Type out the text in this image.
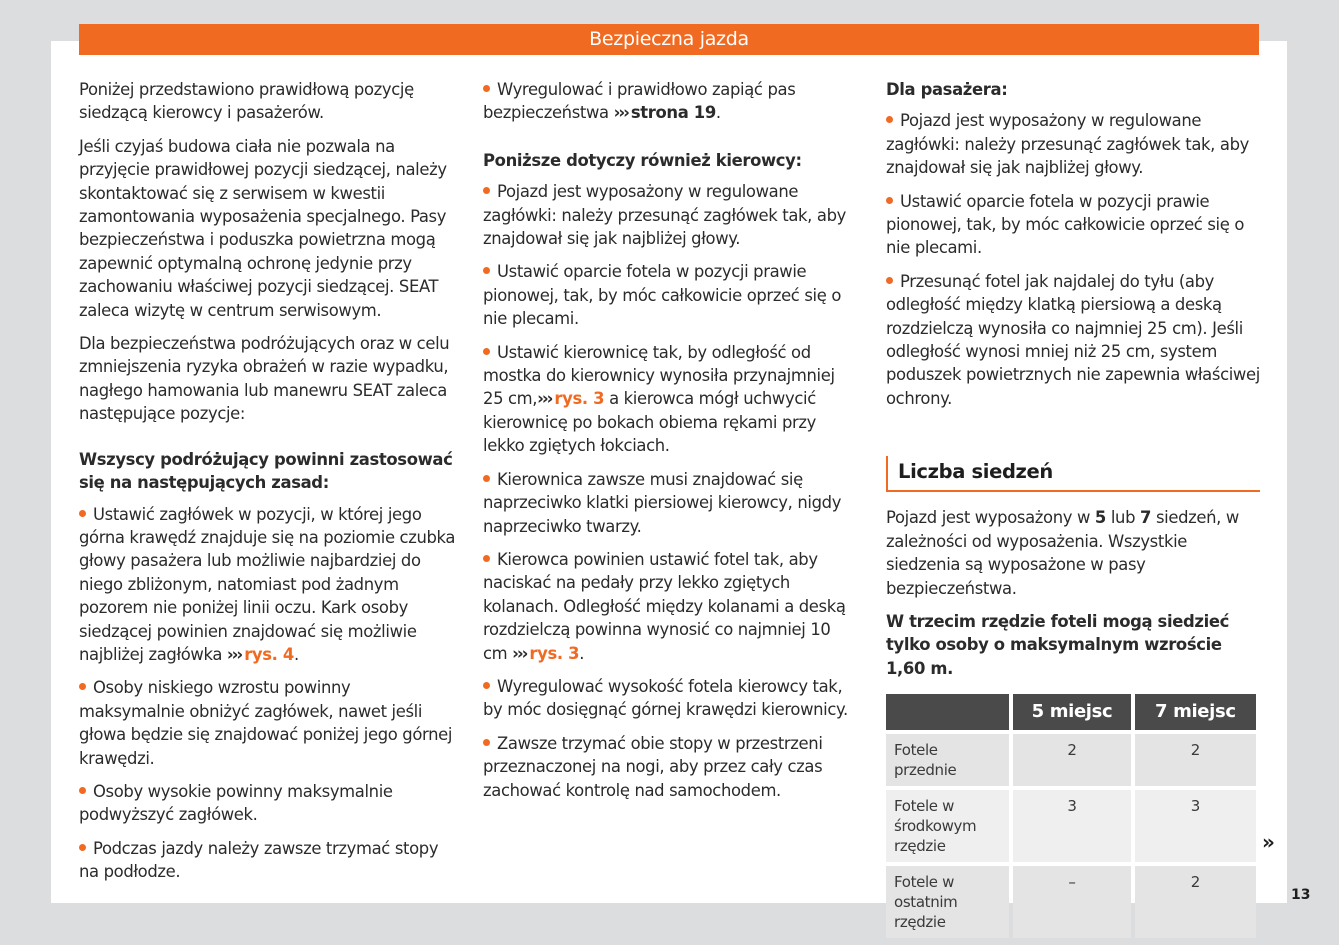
Bezpieczna jazda

Poniżej przedstawiono prawidłową pozycję siedzącą kierowcy i pasażerów.

Jeśli czyjaś budowa ciała nie pozwala na przyjęcie prawidłowej pozycji siedzącej, należy skontaktować się z serwisem w kwestii zamontowania wyposażenia specjalnego. Pasy bezpieczeństwa i poduszka powietrzna mogą zapewnić optymalną ochronę jedynie przy zachowaniu właściwej pozycji siedzącej. SEAT zaleca wizytę w centrum serwisowym.

Dla bezpieczeństwa podróżujących oraz w celu zmniejszenia ryzyka obrażeń w razie wypadku, nagłego hamowania lub manewru SEAT zaleca następujące pozycje:

Wszyscy podróżujący powinni zastosować się na następujących zasad:

Ustawić zagłówek w pozycji, w której jego górna krawędź znajduje się na poziomie czubka głowy pasażera lub możliwie najbardziej do niego zbliżonym, natomiast pod żadnym pozorem nie poniżej linii oczu. Kark osoby siedzącej powinien znajdować się możliwie najbliżej zagłówka ››› rys. 4.

Osoby niskiego wzrostu powinny maksymalnie obniżyć zagłówek, nawet jeśli głowa będzie się znajdować poniżej jego górnej krawędzi.

Osoby wysokie powinny maksymalnie podwyższyć zagłówek.

Podczas jazdy należy zawsze trzymać stopy na podłodze.

Wyregulować i prawidłowo zapiąć pas bezpieczeństwa ››› strona 19.

Poniższe dotyczy również kierowcy:

Pojazd jest wyposażony w regulowane zagłówki: należy przesunąć zagłówek tak, aby znajdował się jak najbliżej głowy.

Ustawić oparcie fotela w pozycji prawie pionowej, tak, by móc całkowicie oprzeć się o nie plecami.

Ustawić kierownicę tak, by odległość od mostka do kierownicy wynosiła przynajmniej 25 cm,››› rys. 3 a kierowca mógł uchwycić kierownicę po bokach obiema rękami przy lekko zgiętych łokciach.

Kierownica zawsze musi znajdować się naprzeciwko klatki piersiowej kierowcy, nigdy naprzeciwko twarzy.

Kierowca powinien ustawić fotel tak, aby naciskać na pedały przy lekko zgiętych kolanach. Odległość między kolanami a deską rozdzielczą powinna wynosić co najmniej 10 cm ››› rys. 3.

Wyregulować wysokość fotela kierowcy tak, by móc dosięgnąć górnej krawędzi kierownicy.

Zawsze trzymać obie stopy w przestrzeni przeznaczonej na nogi, aby przez cały czas zachować kontrolę nad samochodem.

Dla pasażera:

Pojazd jest wyposażony w regulowane zagłówki: należy przesunąć zagłówek tak, aby znajdował się jak najbliżej głowy.

Ustawić oparcie fotela w pozycji prawie pionowej, tak, by móc całkowicie oprzeć się o nie plecami.

Przesunąć fotel jak najdalej do tyłu (aby odległość między klatką piersiową a deską rozdzielczą wynosiła co najmniej 25 cm). Jeśli odległość wynosi mniej niż 25 cm, system poduszek powietrznych nie zapewnia właściwej ochrony.

Liczba siedzeń

Pojazd jest wyposażony w 5 lub 7 siedzeń, w zależności od wyposażenia. Wszystkie siedzenia są wyposażone w pasy bezpieczeństwa.

W trzecim rzędzie foteli mogą siedzieć tylko osoby o maksymalnym wzroście 1,60 m.

	5 miejsc	7 miejsc
Fotele przednie	2	2
Fotele w środkowym rzędzie	3	3
Fotele w ostatnim rzędzie	–	2
»
13
